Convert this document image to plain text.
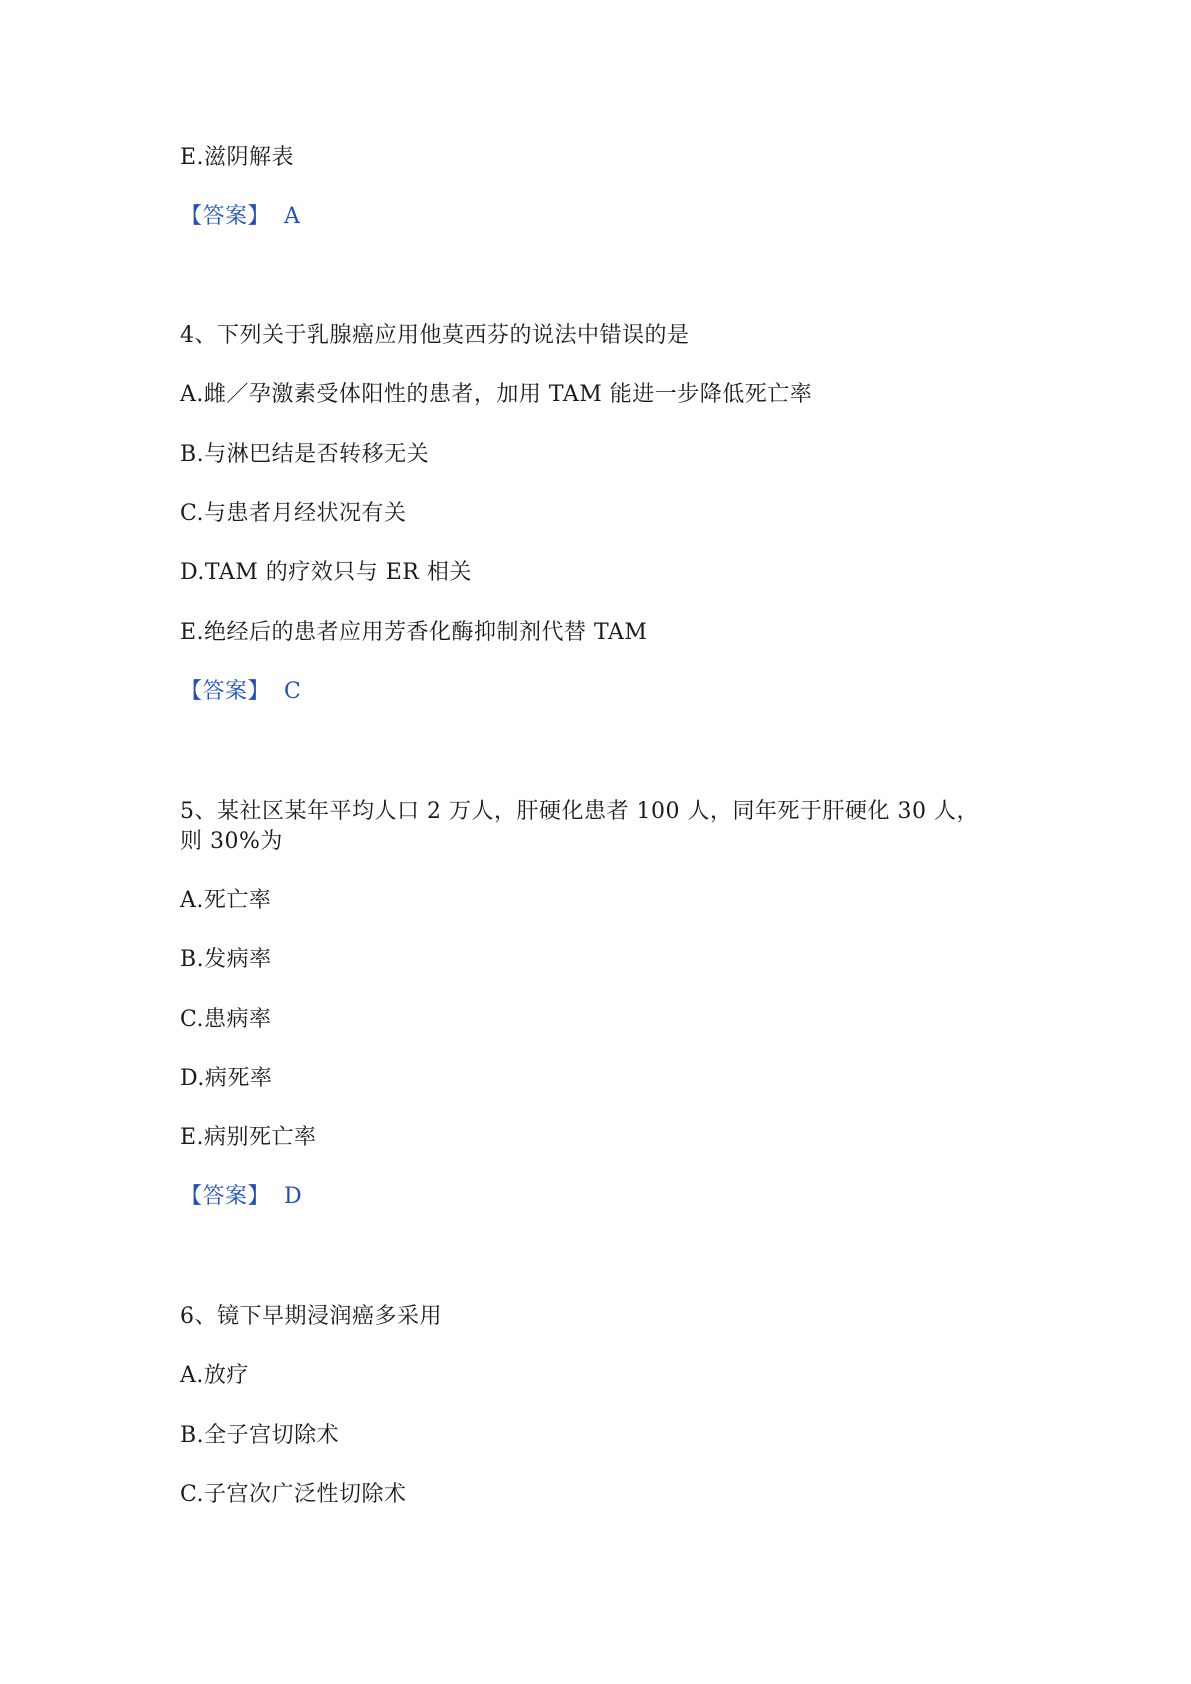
E.滋阴解表
【答案】 A
4、下列关于乳腺癌应用他莫西芬的说法中错误的是
A.雌／孕激素受体阳性的患者，加用 TAM 能进一步降低死亡率
B.与淋巴结是否转移无关
C.与患者月经状况有关
D.TAM 的疗效只与 ER 相关
E.绝经后的患者应用芳香化酶抑制剂代替 TAM
【答案】 C
5、某社区某年平均人口 2 万人，肝硬化患者 100 人，同年死于肝硬化 30 人，
则 30%为
A.死亡率
B.发病率
C.患病率
D.病死率
E.病别死亡率
【答案】 D
6、镜下早期浸润癌多采用
A.放疗
B.全子宫切除术
C.子宫次广泛性切除术
